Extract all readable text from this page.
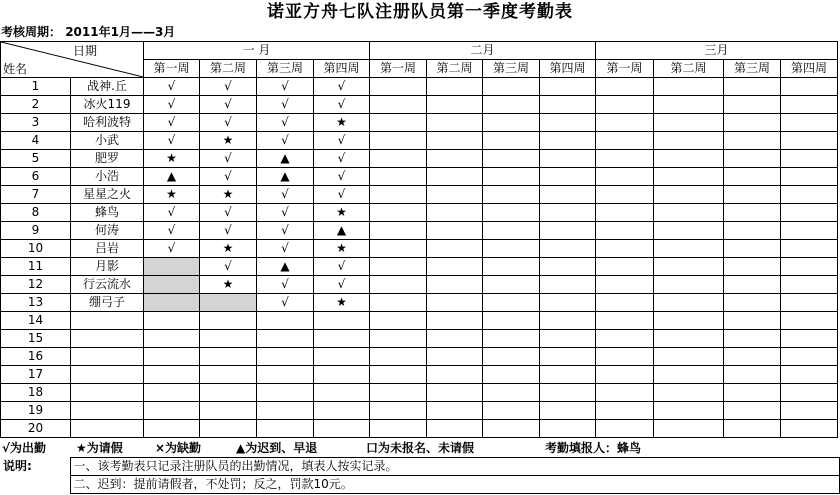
诺亚方舟七队注册队员第一季度考勤表
考核周期： 2011年1月——3月
日期
姓名		一 月				二月				三月			
		第一周	第二周	第三周	第四周	第一周	第二周	第三周	第四周	第一周	第二周	第三周	第四周
1	战神.丘	√	√	√	√								
2	冰火119	√	√	√	√								
3	哈利波特	√	√	√	★								
4	小武	√	★	√	√								
5	肥罗	★	√	▲	√								
6	小浩	▲	√	▲	√								
7	星星之火	★	★	√	√								
8	蜂鸟	√	√	√	★								
9	何涛	√	√	√	▲								
10	吕岩	√	★	√	★								
11	月影		√	▲	√								
12	行云流水		★	√	√								
13	绷弓子			√	★								
14													
15													
16													
17													
18													
19													
20													
√为出勤 ★为请假	×为缺勤	▲为迟到、早退	口为未报名、未请假	考勤填报人：蜂鸟
说明:	一、该考勤表只记录注册队员的出勤情况，填表人按实记录。
	二、迟到：提前请假者，不处罚；反之，罚款10元。
